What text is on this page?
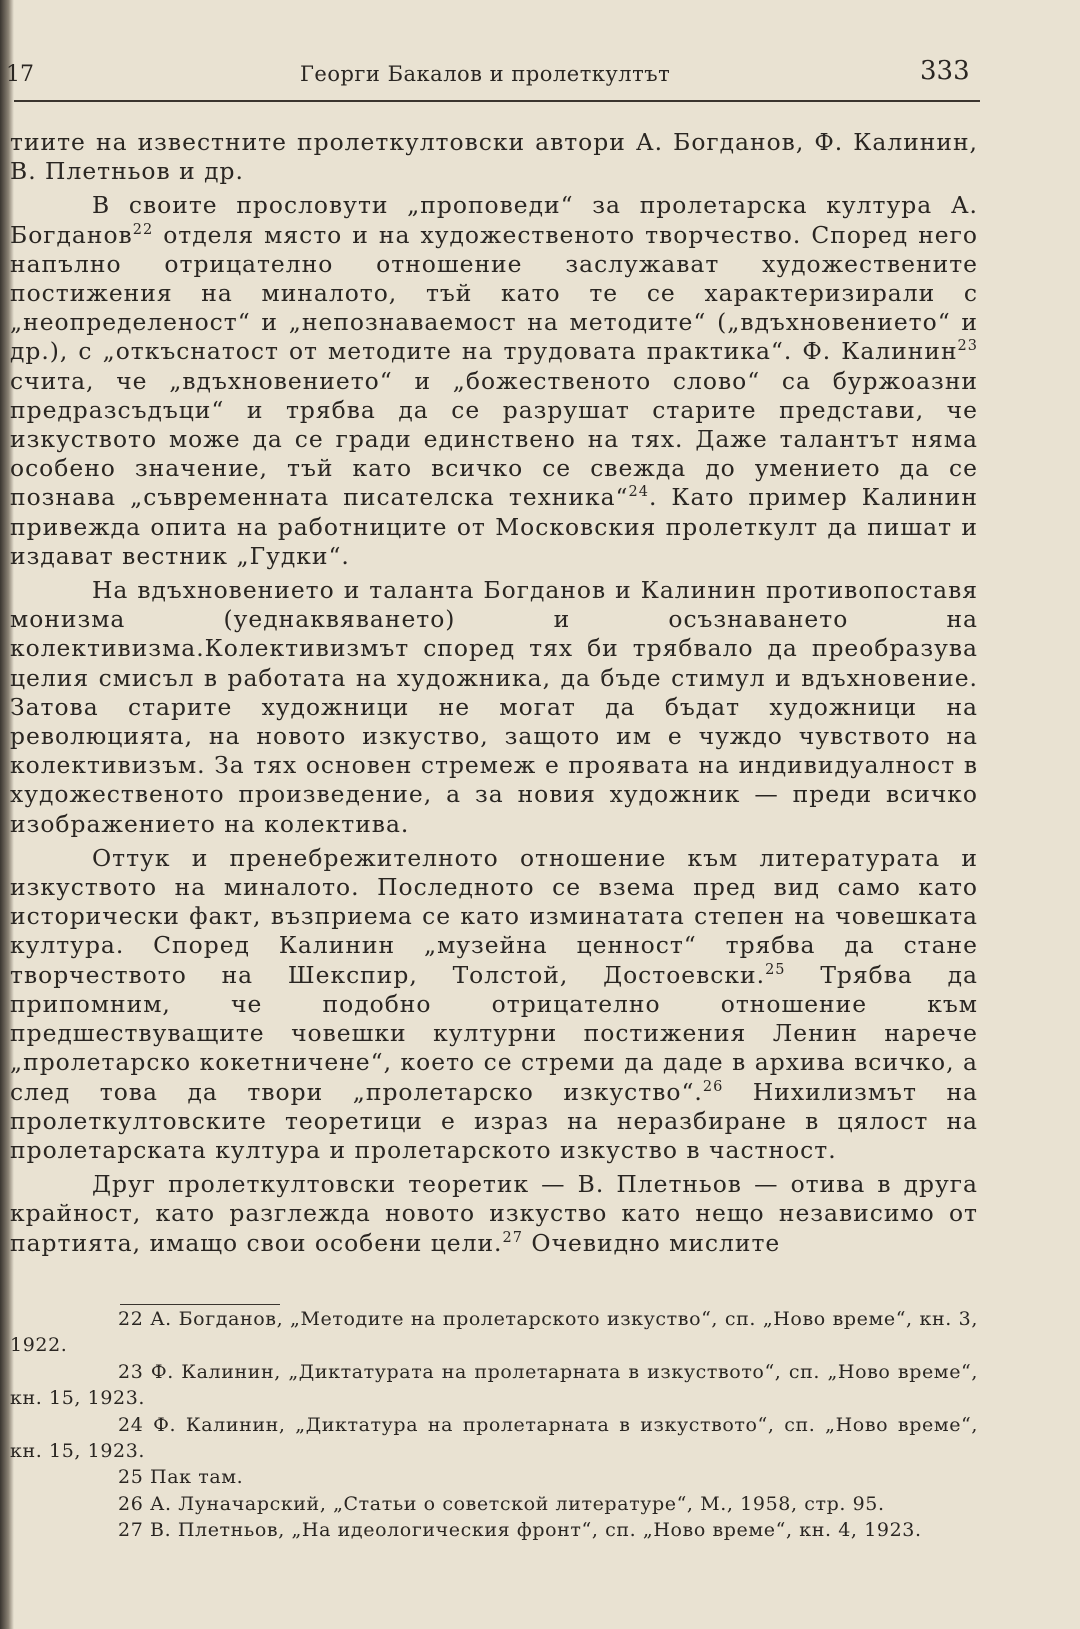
17	Георги Бакалов и пролеткултът	333

тиите на известните пролеткултовски автори А. Богданов, Ф. Калинин, В. Плетньов и др.

В своите прословути „проповеди“ за пролетарска култура А. Богданов$^{22}$ отделя място и на художественото творчество. Според него напълно отрицателно отношение заслужават художествените постижения на миналото, тъй като те се характеризирали с „неопределеност“ и „непознаваемост на методите“ („вдъхновението“ и др.), с „откъснатост от методите на трудовата практика“. Ф. Калинин$^{23}$ счита, че „вдъхновението“ и „божественото слово“ са буржоазни предразсъдъци“ и трябва да се разрушат старите представи, че изкуството може да се гради единствено на тях. Даже талантът няма особено значение, тъй като всичко се свежда до умението да се познава „съвременната писателска техника“$^{24}$. Като пример Калинин привежда опита на работниците от Московския пролеткулт да пишат и издават вестник „Гудки“.

На вдъхновението и таланта Богданов и Калинин противопоставя монизма (уеднаквяването) и осъзнаването на колективизма.Колективизмът според тях би трябвало да преобразува целия смисъл в работата на художника, да бъде стимул и вдъхновение. Затова старите художници не могат да бъдат художници на революцията, на новото изкуство, защото им е чуждо чувството на колективизъм. За тях основен стремеж е проявата на индивидуалност в художественото произведение, а за новия художник — преди всичко изображението на колектива.

Оттук и пренебрежителното отношение към литературата и изкуството на миналото. Последното се взема пред вид само като исторически факт, възприема се като изминатата степен на човешката култура. Според Калинин „музейна ценност“ трябва да стане творчеството на Шекспир, Толстой, Достоевски.$^{25}$ Трябва да припомним, че подобно отрицателно отношение към предшествуващите човешки културни постижения Ленин нарече „пролетарско кокетничене“, което се стреми да даде в архива всичко, а след това да твори „пролетарско изкуство“.$^{26}$ Нихилизмът на пролеткултовските теоретици е израз на неразбиране в цялост на пролетарската култура и пролетарското изкуство в частност.

Друг пролеткултовски теоретик — В. Плетньов — отива в друга крайност, като разглежда новото изкуство като нещо независимо от партията, имащо свои особени цели.$^{27}$ Очевидно мислите

22 А. Богданов, „Методите на пролетарското изкуство“, сп. „Ново време“, кн. 3, 1922.

23 Ф. Калинин, „Диктатурата на пролетарната в изкуството“, сп. „Ново време“, кн. 15, 1923.

24 Ф. Калинин, „Диктатура на пролетарната в изкуството“, сп. „Ново време“, кн. 15, 1923.

25 Пак там.

26 А. Луначарский, „Статьи о советской литературе“, М., 1958, стр. 95.

27 В. Плетньов, „На идеологическия фронт“, сп. „Ново време“, кн. 4, 1923.
